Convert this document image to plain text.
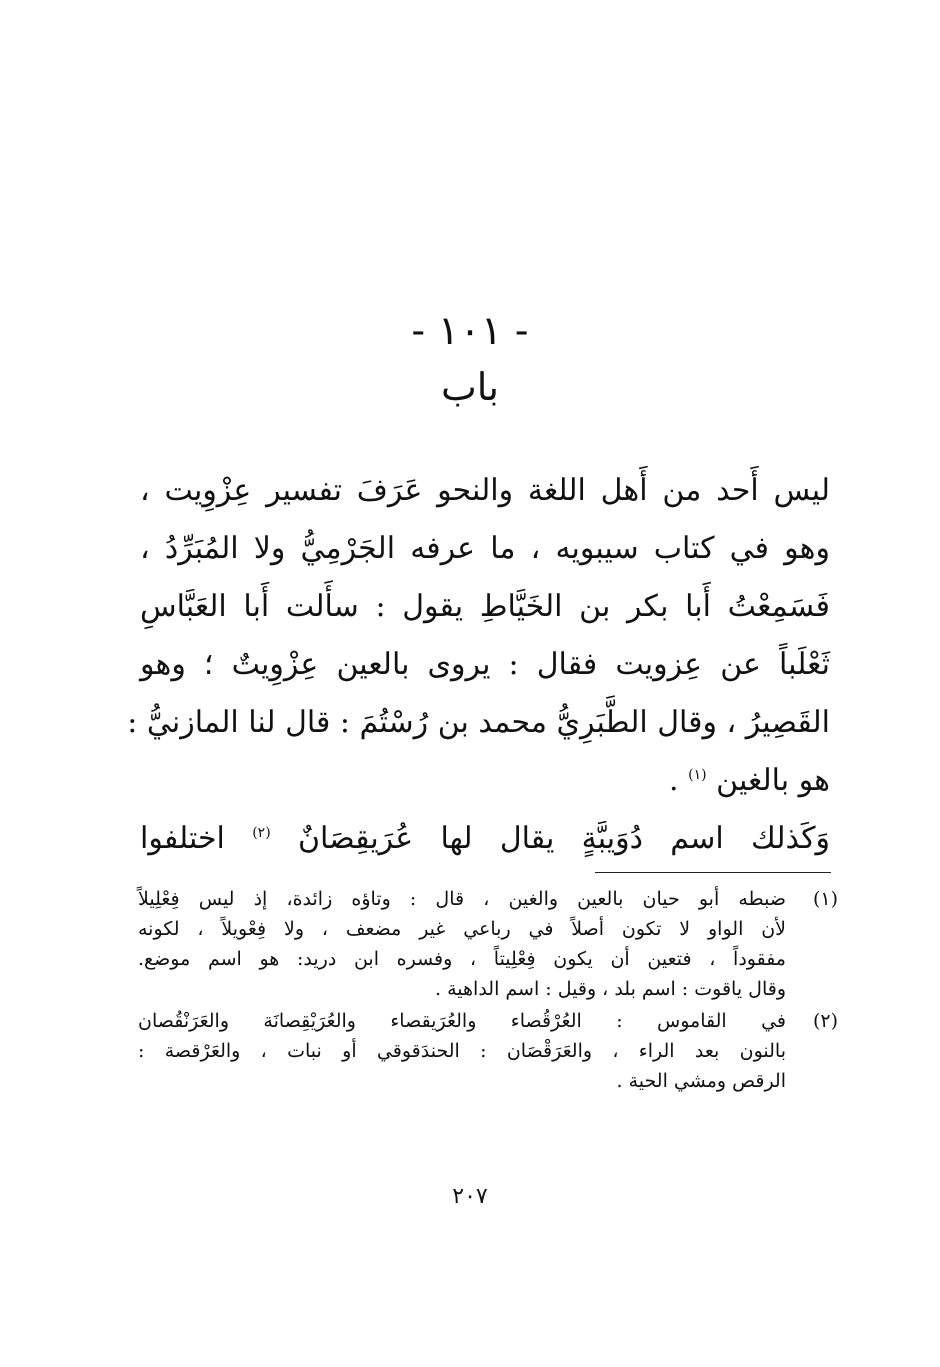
- ١٠١ -
باب

ليس أَحد من أَهل اللغة والنحو عَرَفَ تفسير عِزْوِيت ،
وهو في كتاب سيبويه ، ما عرفه الجَرْمِيُّ ولا المُبَرِّدُ ،
فَسَمِعْتُ أَبا بكر بن الخَيَّاطِ يقول : سأَلت أَبا العَبَّاسِ
ثَعْلَباً عن عِزويت فقال : يروى بالعين عِزْوِيتٌ ؛ وهو
القَصِيرُ ، وقال الطَّبَرِيُّ محمد بن رُسْتُمَ : قال لنا المازنيُّ :
هو بالغين $^{(١)}$ .

وَكَذلك اسم دُوَيبَّةٍ يقال لها عُرَيقِصَانٌ $^{(٢)}$ اختلفوا

(١)
ضبطه أبو حيان بالعين والغين ، قال : وتاؤه زائدة، إذ ليس فِعْلِيلاً
لأن الواو لا تكون أصلاً في رباعي غير مضعف ، ولا فِعْويلاً ، لكونه
مفقوداً ، فتعين أن يكون فِعْلِيتاً ، وفسره ابن دريد: هو اسم موضع.
وقال ياقوت : اسم بلد ، وقيل : اسم الداهية .
(٢)
في القاموس : العُرْقُصاء والعُرَيقصاء والعُرَيْقِصانَة والعَرَنْقُصان
بالنون بعد الراء ، والعَرَقْصَان : الحندَقوقي أو نبات ، والعَرْقصة :
الرقص ومشي الحية .
٢٠٧
